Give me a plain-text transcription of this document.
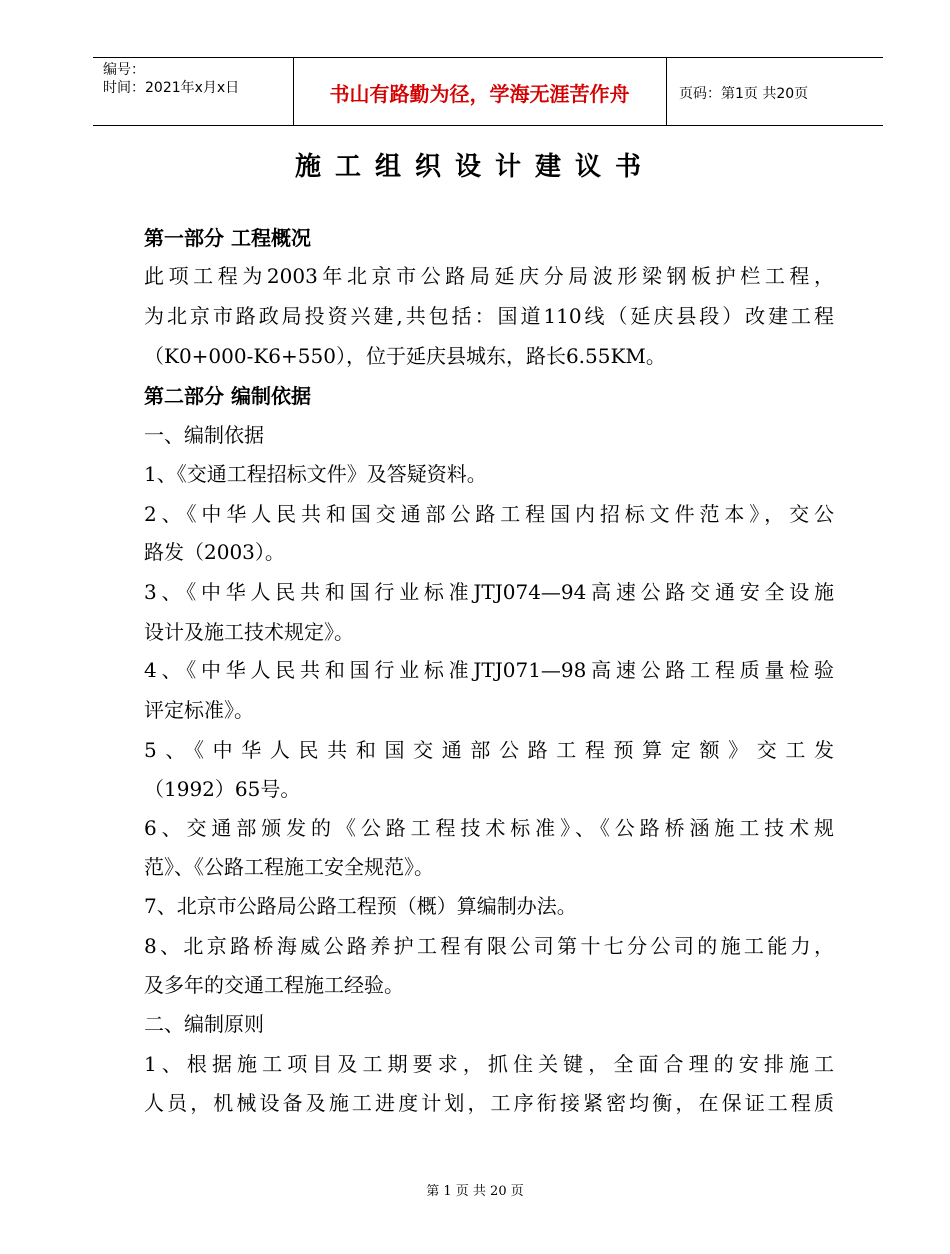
编号：
时间：2021年x月x日	书山有路勤为径，学海无涯苦作舟	页码：第1页 共20页
施工组织设计建议书
第一部分 工程概况
此项工程为2003年北京市公路局延庆分局波形梁钢板护栏工程，
为北京市路政局投资兴建,共包括：国道110线（延庆县段）改建工程
（K0+000-K6+550），位于延庆县城东，路长6.55KM。
第二部分 编制依据
一、编制依据
1、《交通工程招标文件》及答疑资料。
2、《中华人民共和国交通部公路工程国内招标文件范本》，交公
路发（2003）。
3、《中华人民共和国行业标准JTJ074—94高速公路交通安全设施
设计及施工技术规定》。
4、《中华人民共和国行业标准JTJ071—98高速公路工程质量检验
评定标准》。
5、《中华人民共和国交通部公路工程预算定额》交工发
（1992）65号。
6、交通部颁发的《公路工程技术标准》、《公路桥涵施工技术规
范》、《公路工程施工安全规范》。
7、北京市公路局公路工程预（概）算编制办法。
8、北京路桥海威公路养护工程有限公司第十七分公司的施工能力，
及多年的交通工程施工经验。
二、编制原则
1、根据施工项目及工期要求，抓住关键，全面合理的安排施工
人员，机械设备及施工进度计划，工序衔接紧密均衡，在保证工程质
第 1 页 共 20 页
